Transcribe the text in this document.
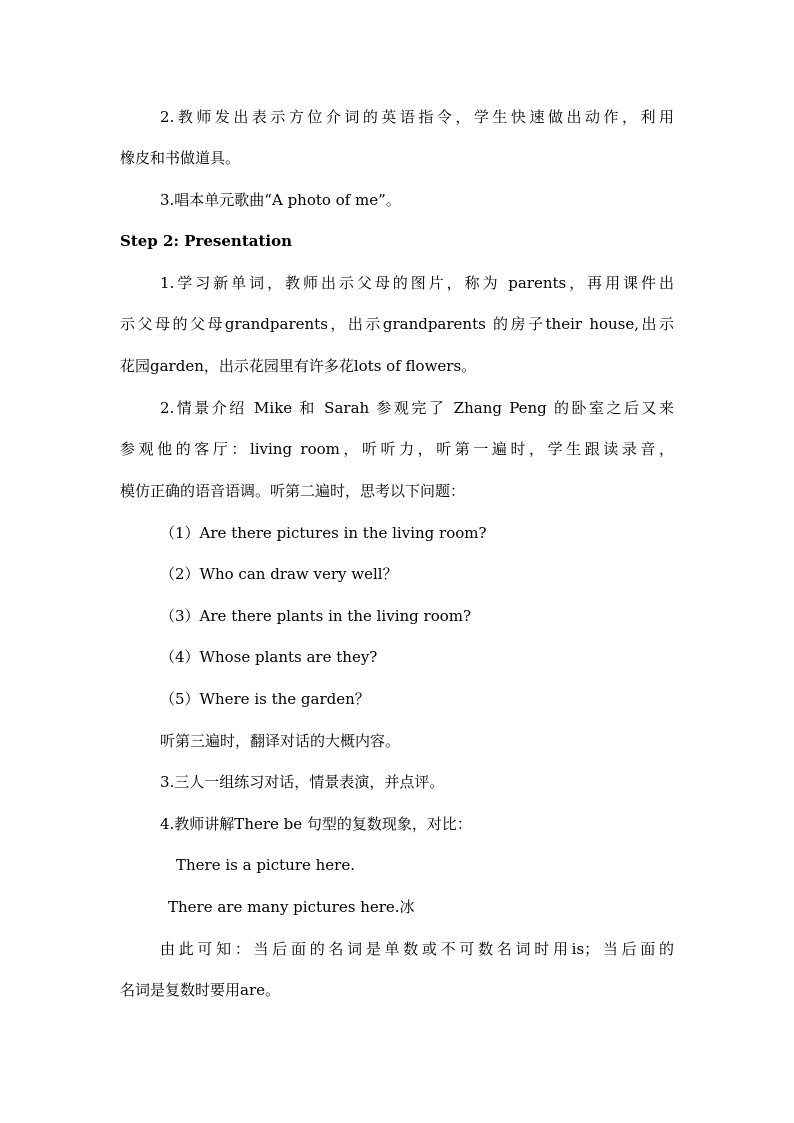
2.教师发出表示方位介词的英语指令，学生快速做出动作，利用
橡皮和书做道具。
3.唱本单元歌曲“A photo of me”。
Step 2: Presentation
1.学习新单词，教师出示父母的图片，称为 parents，再用课件出
示父母的父母grandparents，出示grandparents 的房子their house,出示
花园garden，出示花园里有许多花lots of flowers。
2.情景介绍 Mike 和 Sarah 参观完了 Zhang Peng 的卧室之后又来
参观他的客厅：living room，听听力，听第一遍时，学生跟读录音，
模仿正确的语音语调。听第二遍时，思考以下问题：
（1）Are there pictures in the living room?
（2）Who can draw very well？
（3）Are there plants in the living room?
（4）Whose plants are they?
（5）Where is the garden？
听第三遍时，翻译对话的大概内容。
3.三人一组练习对话，情景表演，并点评。
4.教师讲解There be 句型的复数现象，对比：
There is a picture here.
There are many pictures here.冰
由此可知：当后面的名词是单数或不可数名词时用is；当后面的
名词是复数时要用are。
